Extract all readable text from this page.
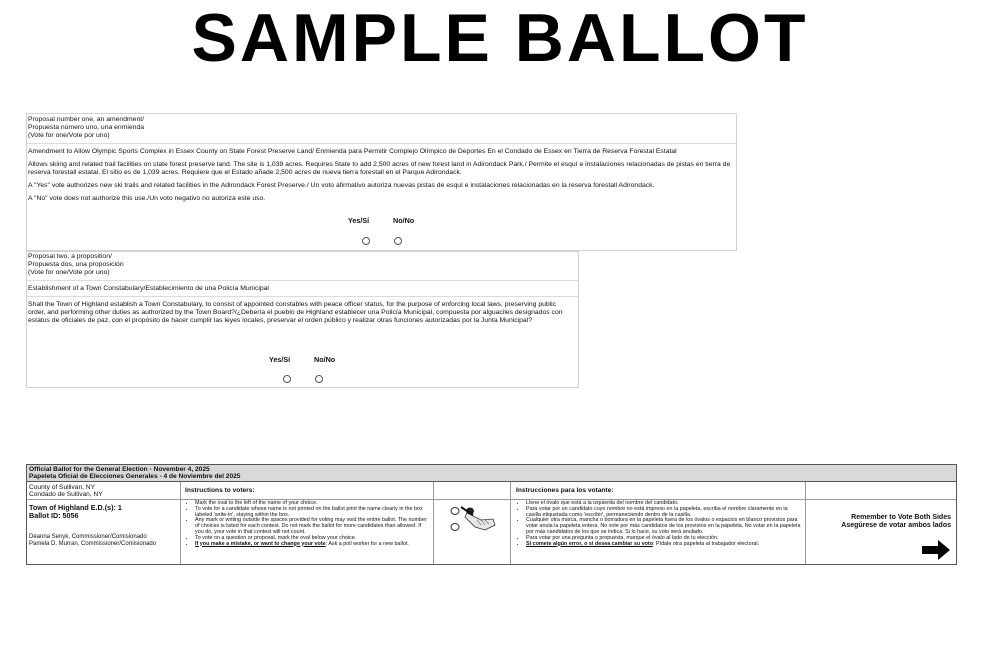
SAMPLE BALLOT

Proposal number one, an amendment/

Propuesta número uno, una enmienda

(Vote for one/Vote por uno)

Amendment to Allow Olympic Sports Complex in Essex County on State Forest Preserve Land/ Enmienda para Permitir Complejo Olímpico de Deportes En el Condado de Essex en Tierra de Reserva Forestal Estatal

Allows skiing and related trail facilities on state forest preserve land. The site is 1,039 acres. Requires State to add 2,500 acres of new forest land in Adirondack Park./ Permite el esquí e instalaciones relacionadas de pistas en tierra de reserva forestall estatal. El sitio es de 1,039 acres. Requiere que el Estado añade 2,500 acres de nueva tierra forestall en el Parque Adirondack.

A "Yes" vote authorizes new ski trails and related facilities in the Adirondack Forest Preserve./ Un voto afirmativo autoriza nuevas pistas de esquí e instalaciones relacionadas en la reserva forestall Adirondack.

A "No" vote does not authorize this use./Un voto negativo no autoriza este uso.

Yes/Sí	No/No

Proposal two, a proposition/

Propuesta dos, una proposición

(Vote for one/Vote por uno)

Establishment of a Town Constabulary/Establecimiento de una Policía Municipal

Shall the Town of Highland establish a Town Constabulary, to consist of appointed constables with peace officer status, for the purpose of enforcing local laws, preserving public order, and performing other duties as authorized by the Town Board?/¿Debería el pueblo de Highland establecer una Policía Municipal, compuesta por alguaciles designados con estatus de oficiales de paz, con el propósito de hacer cumplir las leyes locales, preservar el orden público y realizar otras funciones autorizadas por la Junta Municipal?

Yes/Sí	No/No
Official Ballot for the General Election - November 4, 2025
Papeleta Oficial de Elecciones Generales - 4 de Noviembre del 2025
County of Sullivan, NY
Condado de Sullivan, NY
Town of Highland E.D.(s): 1
Ballot ID: 5056
Deanna Senyk, Commissioner/Comisionado
Pamela D. Murran, Commissioner/Comisionado
Instructions to voters:
• Mark the oval to the left of the name of your choice.
• To vote for a candidate whose name is not printed on the ballot print the name clearly in the box labeled 'write-in', staying within the box.
• Any mark or writing outside the spaces provided for voting may void the entire ballot. The number of choices is listed for each contest. Do not mark the ballot for more candidates than allowed. If you do, your vote in that contest will not count.
• To vote on a question or proposal, mark the oval below your choice.
• If you make a mistake, or want to change your vote: Ask a poll worker for a new ballot.
Instrucciones para los votante:
• Llene el óvalo que está a la izquierda del nombre del candidato.
• Para votar por un candidato cuyo nombre no está impreso en la papeleta, escriba el nombre claramente en la casilla etiquetada como 'escribir', permaneciendo dentro de la casilla.
• Cualquier otra marca, mancha o borradura en la papeleta fuera de los óvalos o espacios en blanco provistos para votar anula la papeleta entera. No vote por más candidatos de los provistos en la papeleta. No votar en la papeleta por más candidatos de los que se indica. Si lo hace, su voto será anulado.
• Para votar por una pregunta o propuesta, marque el óvalo al lado de tu elección.
• Si comete algún error, o si desea cambiar su voto: Pídale otra papeleta al trabajador electoral.
Remember to Vote Both Sides
Asegúrese de votar ambos lados
